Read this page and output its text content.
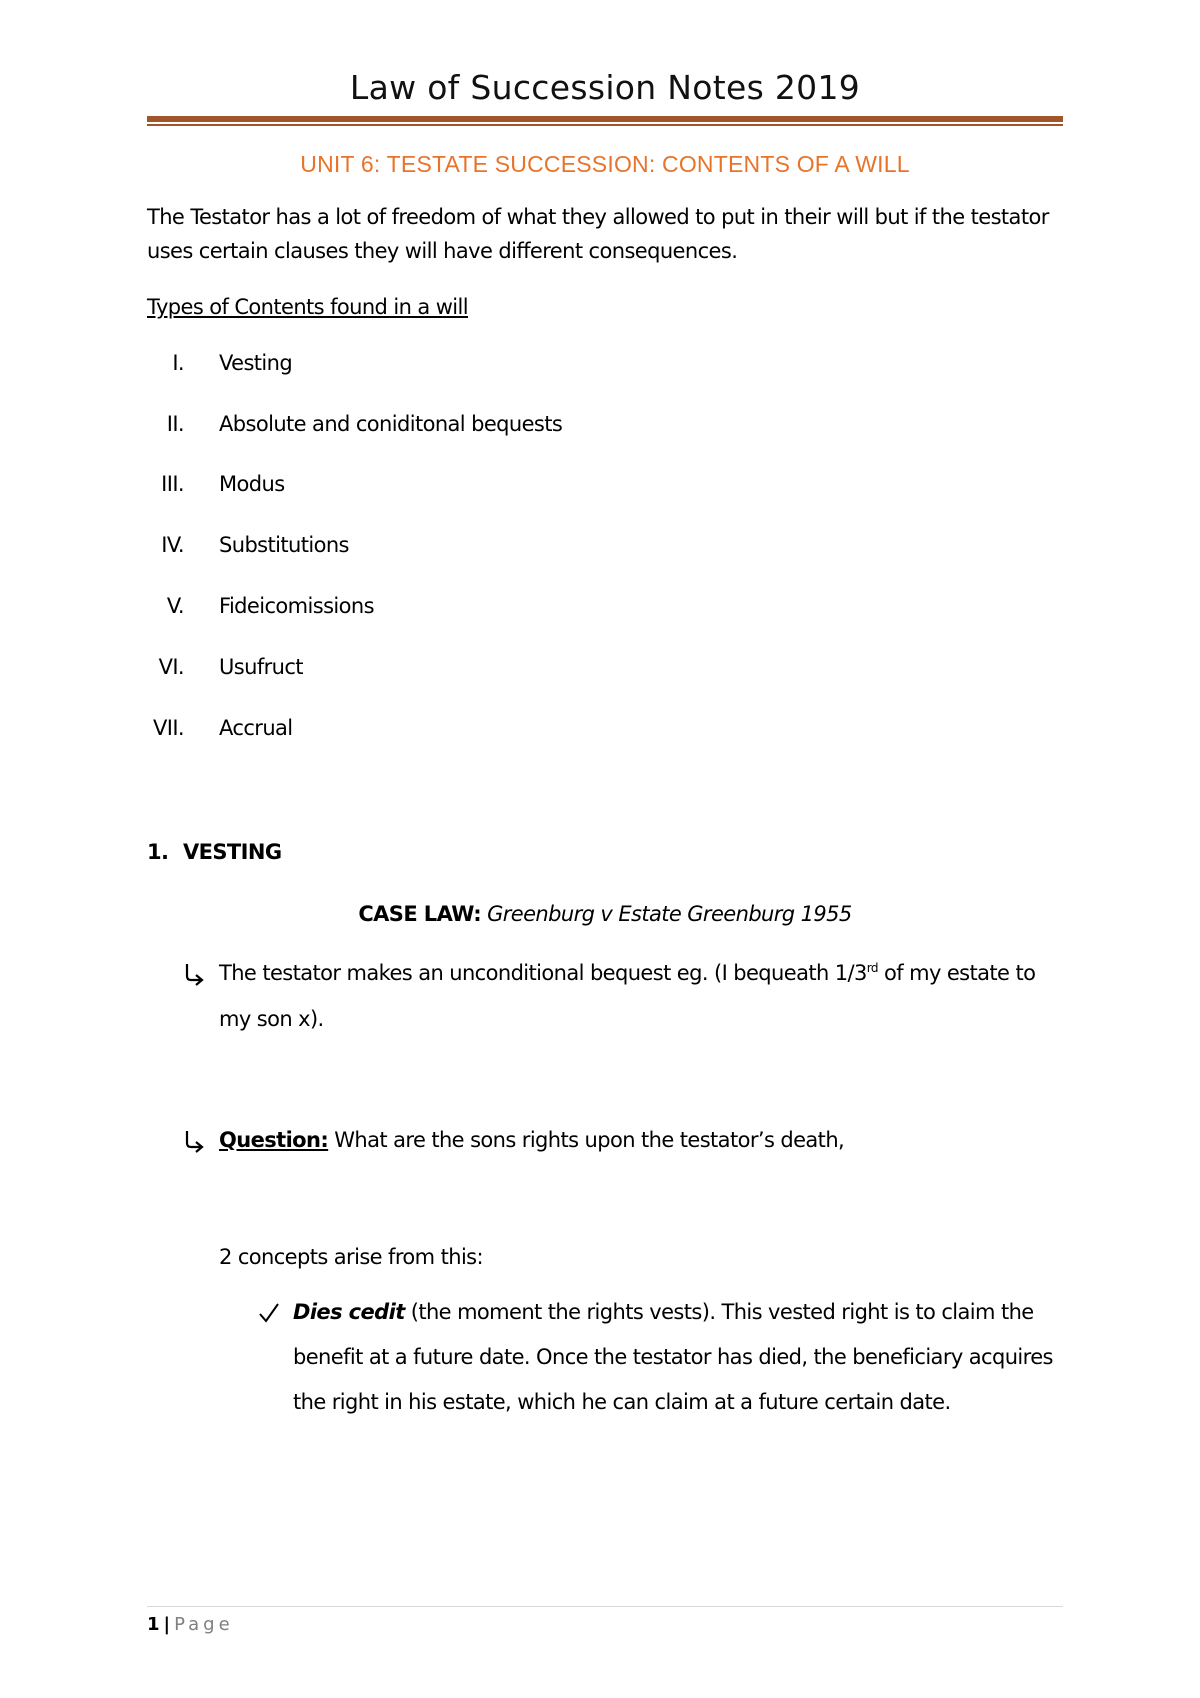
Law of Succession Notes 2019
UNIT 6: TESTATE SUCCESSION: CONTENTS OF A WILL
The Testator has a lot of freedom of what they allowed to put in their will but if the testator uses certain clauses they will have different consequences.
Types of Contents found in a will
I. Vesting
II. Absolute and coniditonal bequests
III. Modus
IV. Substitutions
V. Fideicomissions
VI. Usufruct
VII. Accrual
1. VESTING
CASE LAW: Greenburg v Estate Greenburg 1955
The testator makes an unconditional bequest eg. (I bequeath 1/3rd of my estate to my son x).
Question: What are the sons rights upon the testator’s death,
2 concepts arise from this:
Dies cedit (the moment the rights vests). This vested right is to claim the benefit at a future date. Once the testator has died, the beneficiary acquires the right in his estate, which he can claim at a future certain date.
1 | Page
